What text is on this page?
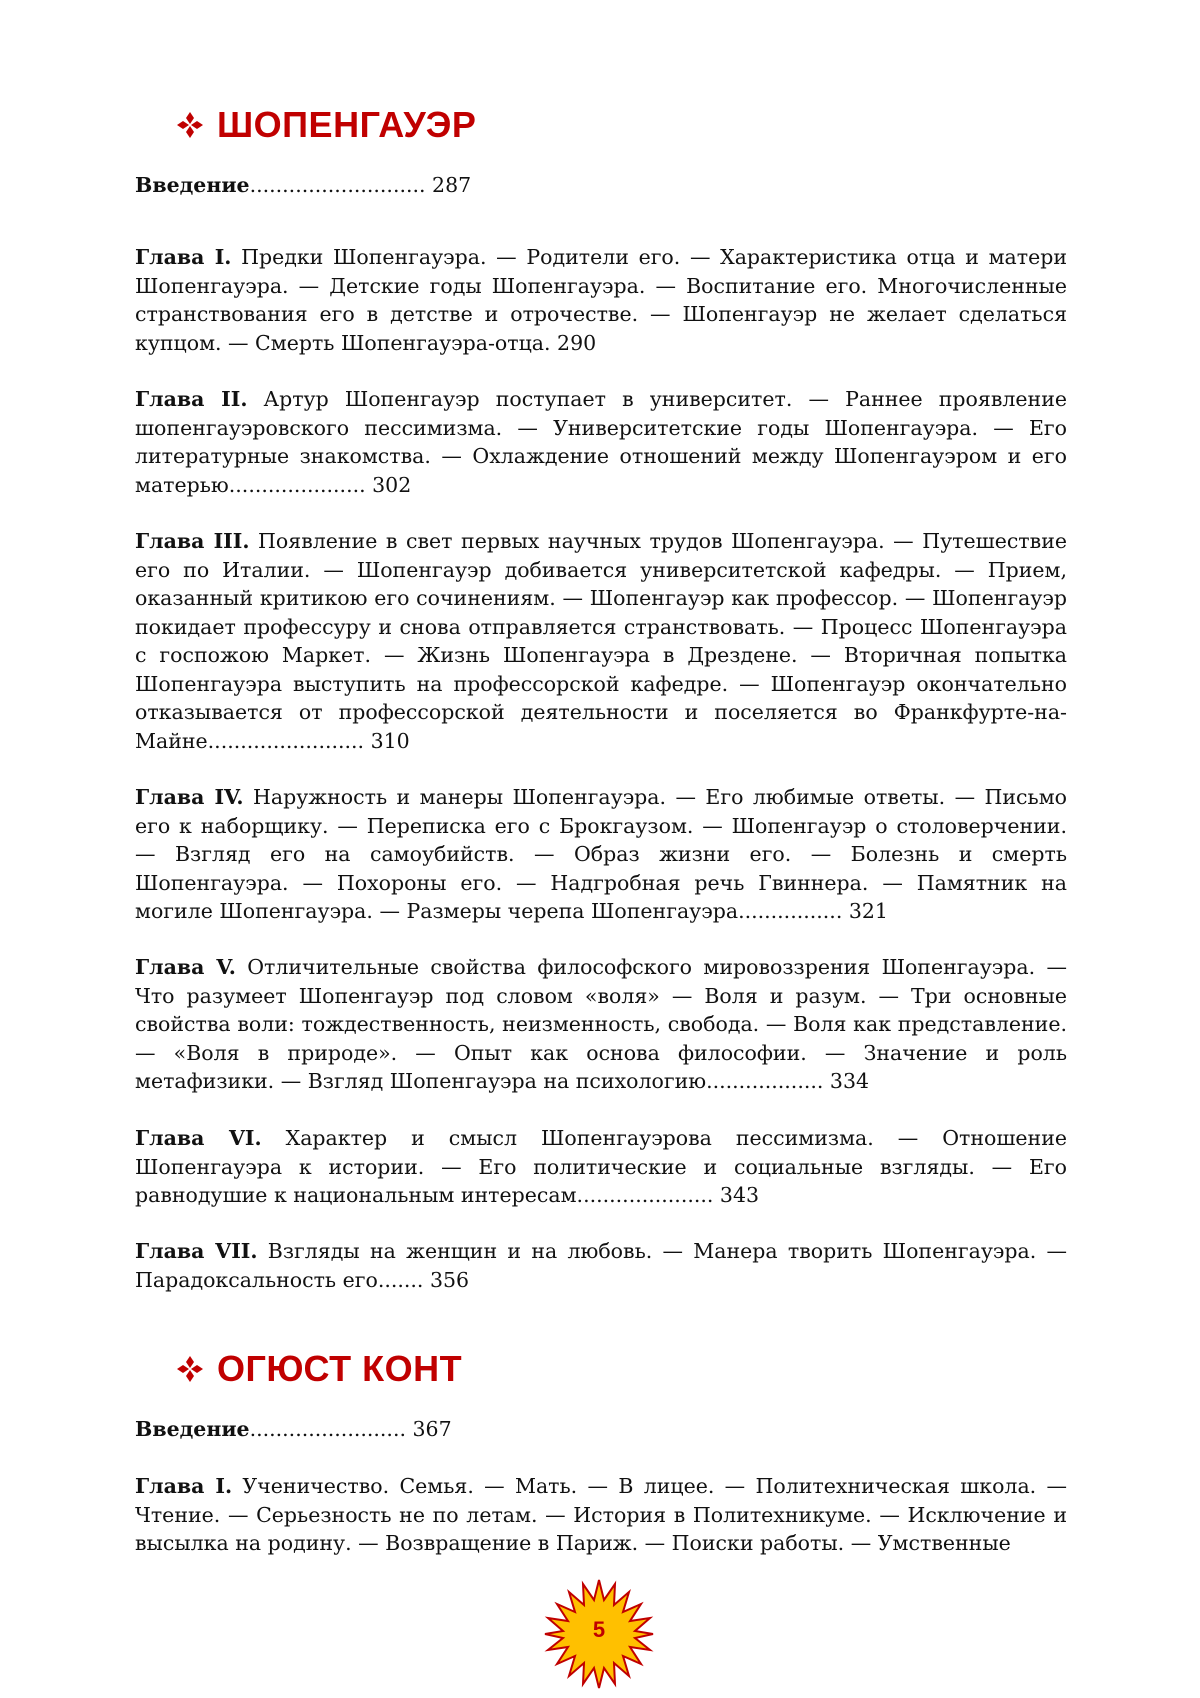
ШОПЕНГАУЭР

Введение........................... 287

Глава I. Предки Шопенгауэра. — Родители его. — Характеристика отца и матери Шопенгауэра. — Детские годы Шопенгауэра. — Воспитание его. Многочисленные странствования его в детстве и отрочестве. — Шопенгауэр не желает сделаться купцом. — Смерть Шопенгауэра-отца. 290

Глава II. Артур Шопенгауэр поступает в университет. — Раннее проявление шопенгауэровского пессимизма. — Университетские годы Шопенгауэра. — Его литературные знакомства. — Охлаждение отношений между Шопенгауэром и его матерью..................... 302

Глава III. Появление в свет первых научных трудов Шопенгауэра. — Путешествие его по Италии. — Шопенгауэр добивается университетской кафедры. — Прием, оказанный критикою его сочинениям. — Шопенгауэр как профессор. — Шопенгауэр покидает профессуру и снова отправляется странствовать. — Процесс Шопенгауэра с госпожою Маркет. — Жизнь Шопенгауэра в Дрездене. — Вторичная попытка Шопенгауэра выступить на профессорской кафедре. — Шопенгауэр окончательно отказывается от профессорской деятельности и поселяется во Франкфурте-на-Майне........................ 310

Глава IV. Наружность и манеры Шопенгауэра. — Его любимые ответы. — Письмо его к наборщику. — Переписка его с Брокгаузом. — Шопенгауэр о столоверчении. — Взгляд его на самоубийств. — Образ жизни его. — Болезнь и смерть Шопенгауэра. — Похороны его. — Надгробная речь Гвиннера. — Памятник на могиле Шопенгауэра. — Размеры черепа Шопенгауэра................ 321

Глава V. Отличительные свойства философского мировоззрения Шопенгауэра. — Что разумеет Шопенгауэр под словом «воля» — Воля и разум. — Три основные свойства воли: тождественность, неизменность, свобода. — Воля как представление. — «Воля в природе». — Опыт как основа философии. — Значение и роль метафизики. — Взгляд Шопенгауэра на психологию.................. 334

Глава VI. Характер и смысл Шопенгауэрова пессимизма. — Отношение Шопенгауэра к истории. — Его политические и социальные взгляды. — Его равнодушие к национальным интересам..................... 343

Глава VII. Взгляды на женщин и на любовь. — Манера творить Шопенгауэра. — Парадоксальность его....... 356

ОГЮСТ КОНТ

Введение........................ 367

Глава I. Ученичество. Семья. — Мать. — В лицее. — Политехническая школа. — Чтение. — Серьезность не по летам. — История в Политехникуме. — Исключение и высылка на родину. — Возвращение в Париж. — Поиски работы. — Умственные

5
